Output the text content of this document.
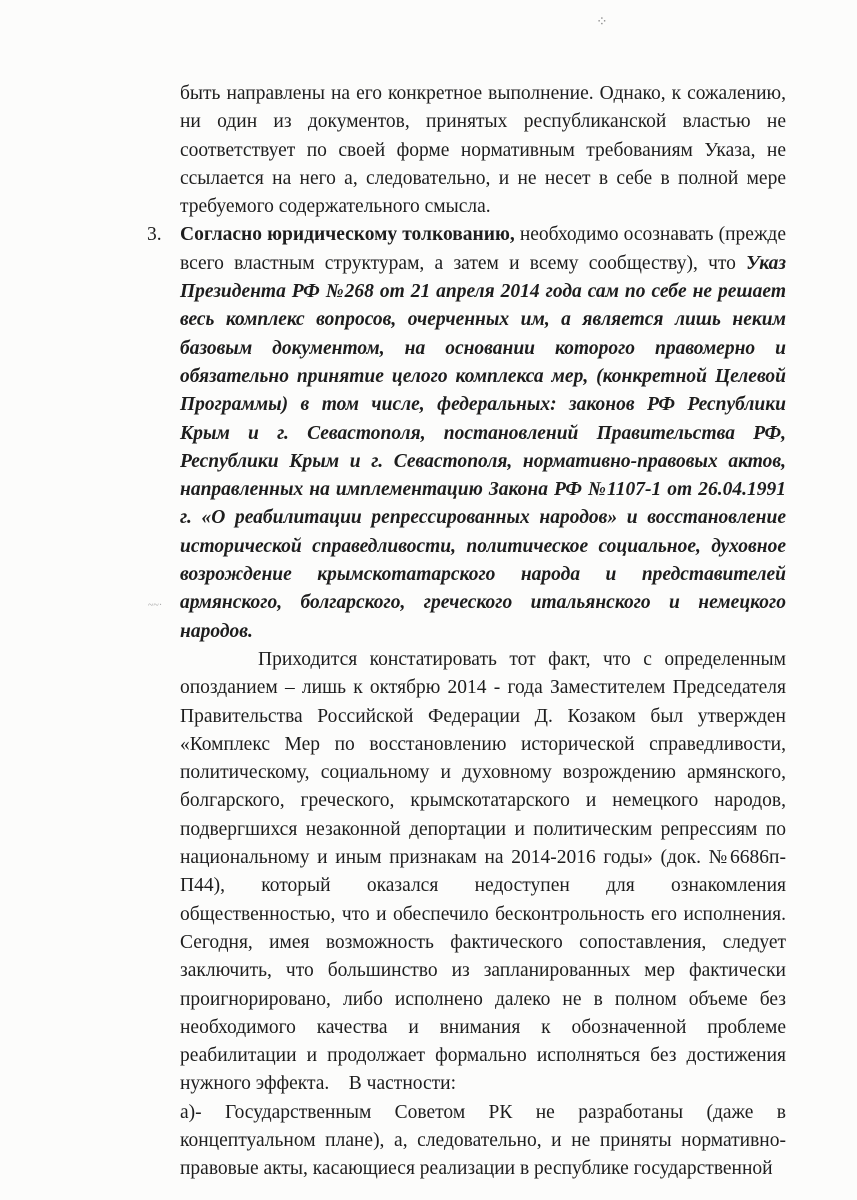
⁘
~~·

быть направлены на его конкретное выполнение. Однако, к сожалению, ни один из документов, принятых республиканской властью не соответствует по своей форме нормативным требованиям Указа, не ссылается на него а, следовательно, и не несет в себе в полной мере требуемого содержательного смысла.

3. Согласно юридическому толкованию, необходимо осознавать (прежде всего властным структурам, а затем и всему сообществу), что Указ Президента РФ №268 от 21 апреля 2014 года сам по себе не решает весь комплекс вопросов, очерченных им, а является лишь неким базовым документом, на основании которого правомерно и обязательно принятие целого комплекса мер, (конкретной Целевой Программы) в том числе, федеральных: законов РФ Республики Крым и г. Севастополя, постановлений Правительства РФ, Республики Крым и г. Севастополя, нормативно-правовых актов, направленных на имплементацию Закона РФ №1107-1 от 26.04.1991 г. «О реабилитации репрессированных народов» и восстановление исторической справедливости, политическое социальное, духовное возрождение крымскотатарского народа и представителей армянского, болгарского, греческого итальянского и немецкого народов.

Приходится констатировать тот факт, что с определенным опозданием – лишь к октябрю 2014 - года Заместителем Председателя Правительства Российской Федерации Д. Козаком был утвержден «Комплекс Мер по восстановлению исторической справедливости, политическому, социальному и духовному возрождению армянского, болгарского, греческого, крымскотатарского и немецкого народов, подвергшихся незаконной депортации и политическим репрессиям по национальному и иным признакам на 2014-2016 годы» (док. №6686п-П44), который оказался недоступен для ознакомления общественностью, что и обеспечило бесконтрольность его исполнения. Сегодня, имея возможность фактического сопоставления, следует заключить, что большинство из запланированных мер фактически проигнорировано, либо исполнено далеко не в полном объеме без необходимого качества и внимания к обозначенной проблеме реабилитации и продолжает формально исполняться без достижения нужного эффекта. В частности:

а)- Государственным Советом РК не разработаны (даже в концептуальном плане), а, следовательно, и не приняты нормативно-правовые акты, касающиеся реализации в республике государственной
